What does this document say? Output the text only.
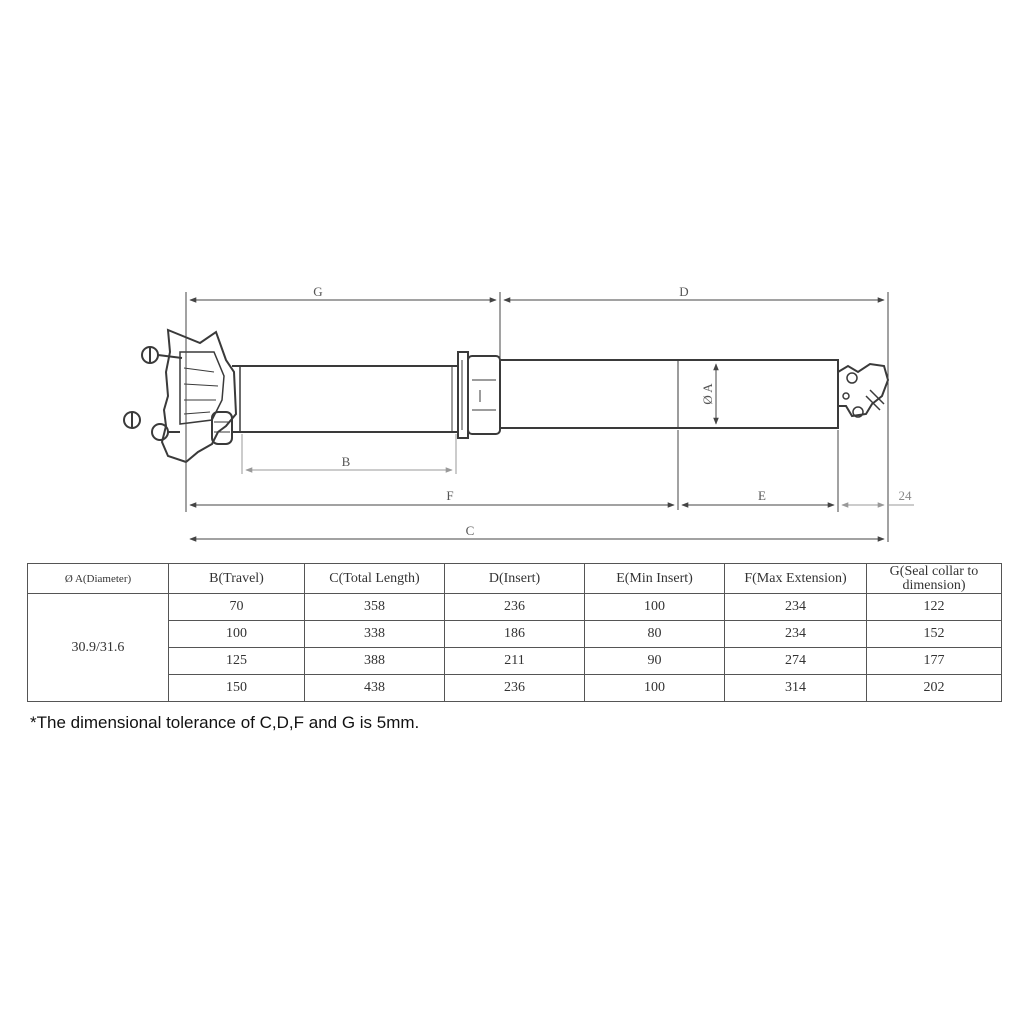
G	D
Ø A
B
F	E	24
C
Ø A(Diameter)	B(Travel)	C(Total Length)	D(Insert)	E(Min Insert)	F(Max Extension)	G(Seal collar to dimension)
30.9/31.6	70	358	236	100	234	122
	100	338	186	80	234	152
	125	388	211	90	274	177
	150	438	236	100	314	202
*The dimensional tolerance of C,D,F and G is 5mm.
